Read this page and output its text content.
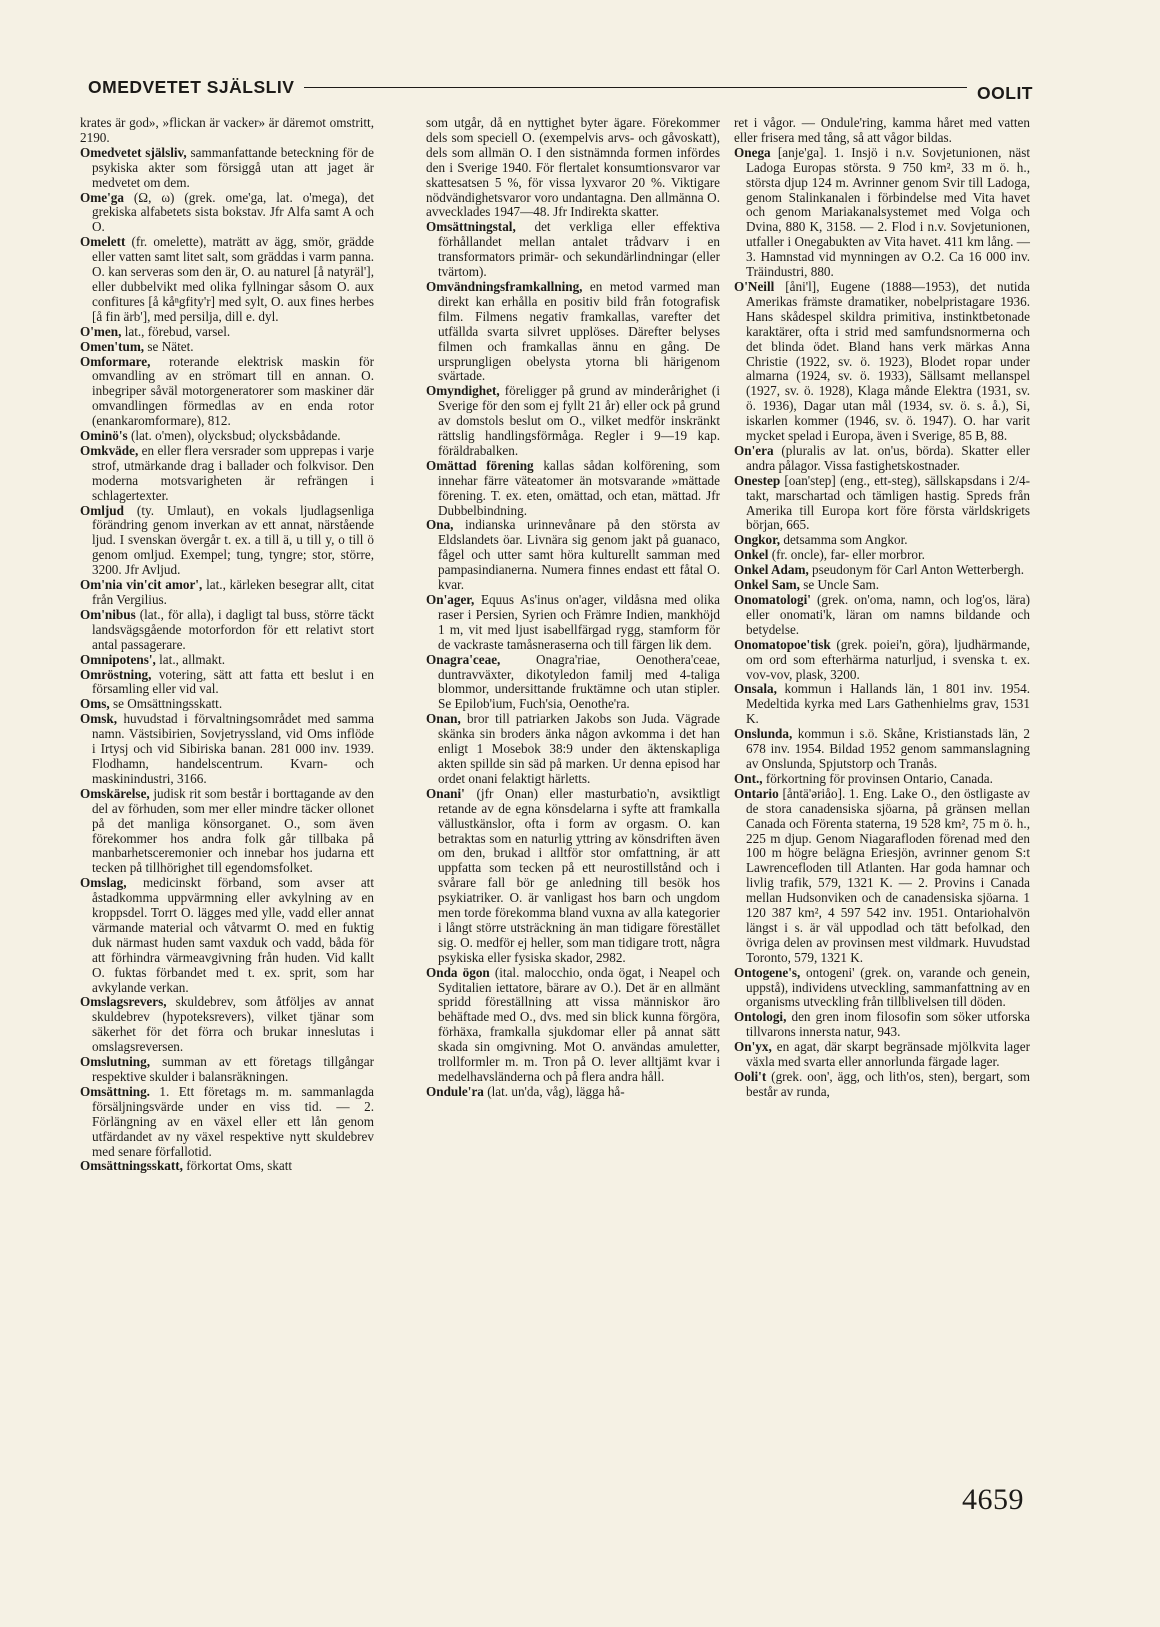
OMEDVETET SJÄLSLIV	OOLIT

krates är god», »flickan är vacker» är däremot omstritt, 2190.

Omedvetet själsliv, sammanfattande beteckning för de psykiska akter som försiggå utan att jaget är medvetet om dem.

Ome'ga (Ω, ω) (grek. ome'ga, lat. o'mega), det grekiska alfabetets sista bokstav. Jfr Alfa samt A och O.

Omelett (fr. omelette), maträtt av ägg, smör, grädde eller vatten samt litet salt, som gräddas i varm panna. O. kan serveras som den är, O. au naturel [å natyräl'], eller dubbelvikt med olika fyllningar såsom O. aux confitures [å kåⁿgfity'r] med sylt, O. aux fines herbes [å fin ärb'], med persilja, dill e. dyl.

O'men, lat., förebud, varsel.

Omen'tum, se Nätet.

Omformare, roterande elektrisk maskin för omvandling av en strömart till en annan. O. inbegriper såväl motorgeneratorer som maskiner där omvandlingen förmedlas av en enda rotor (enankaromformare), 812.

Ominö's (lat. o'men), olycksbud; olycksbådande.

Omkväde, en eller flera versrader som upprepas i varje strof, utmärkande drag i ballader och folkvisor. Den moderna motsvarigheten är refrängen i schlagertexter.

Omljud (ty. Umlaut), en vokals ljudlagsenliga förändring genom inverkan av ett annat, närstående ljud. I svenskan övergår t. ex. a till ä, u till y, o till ö genom omljud. Exempel; tung, tyngre; stor, större, 3200. Jfr Avljud.

Om'nia vin'cit amor', lat., kärleken besegrar allt, citat från Vergilius.

Om'nibus (lat., för alla), i dagligt tal buss, större täckt landsvägsgående motorfordon för ett relativt stort antal passagerare.

Omnipotens', lat., allmakt.

Omröstning, votering, sätt att fatta ett beslut i en församling eller vid val.

Oms, se Omsättningsskatt.

Omsk, huvudstad i förvaltningsområdet med samma namn. Västsibirien, Sovjetryssland, vid Oms inflöde i Irtysj och vid Sibiriska banan. 281 000 inv. 1939. Flodhamn, handelscentrum. Kvarn- och maskinindustri, 3166.

Omskärelse, judisk rit som består i borttagande av den del av förhuden, som mer eller mindre täcker ollonet på det manliga könsorganet. O., som även förekommer hos andra folk går tillbaka på manbarhetsceremonier och innebar hos judarna ett tecken på tillhörighet till egendomsfolket.

Omslag, medicinskt förband, som avser att åstadkomma uppvärmning eller avkylning av en kroppsdel. Torrt O. lägges med ylle, vadd eller annat värmande material och våtvarmt O. med en fuktig duk närmast huden samt vaxduk och vadd, båda för att förhindra värmeavgivning från huden. Vid kallt O. fuktas förbandet med t. ex. sprit, som har avkylande verkan.

Omslagsrevers, skuldebrev, som åtföljes av annat skuldebrev (hypoteksrevers), vilket tjänar som säkerhet för det förra och brukar inneslutas i omslagsreversen.

Omslutning, summan av ett företags tillgångar respektive skulder i balansräkningen.

Omsättning. 1. Ett företags m. m. sammanlagda försäljningsvärde under en viss tid. — 2. Förlängning av en växel eller ett lån genom utfärdandet av ny växel respektive nytt skuldebrev med senare förfallotid.

Omsättningsskatt, förkortat Oms, skatt

som utgår, då en nyttighet byter ägare. Förekommer dels som speciell O. (exempelvis arvs- och gåvoskatt), dels som allmän O. I den sistnämnda formen infördes den i Sverige 1940. För flertalet konsumtionsvaror var skattesatsen 5 %, för vissa lyxvaror 20 %. Viktigare nödvändighetsvaror voro undantagna. Den allmänna O. avvecklades 1947—48. Jfr Indirekta skatter.

Omsättningstal, det verkliga eller effektiva förhållandet mellan antalet trådvarv i en transformators primär- och sekundärlindningar (eller tvärtom).

Omvändningsframkallning, en metod varmed man direkt kan erhålla en positiv bild från fotografisk film. Filmens negativ framkallas, varefter det utfällda svarta silvret upplöses. Därefter belyses filmen och framkallas ännu en gång. De ursprungligen obelysta ytorna bli härigenom svärtade.

Omyndighet, föreligger på grund av minderårighet (i Sverige för den som ej fyllt 21 år) eller ock på grund av domstols beslut om O., vilket medför inskränkt rättslig handlingsförmåga. Regler i 9—19 kap. föräldrabalken.

Omättad förening kallas sådan kolförening, som innehar färre väteatomer än motsvarande »mättade förening. T. ex. eten, omättad, och etan, mättad. Jfr Dubbelbindning.

Ona, indianska urinnevånare på den största av Eldslandets öar. Livnära sig genom jakt på guanaco, fågel och utter samt höra kulturellt samman med pampasindianerna. Numera finnes endast ett fåtal O. kvar.

On'ager, Equus As'inus on'ager, vildåsna med olika raser i Persien, Syrien och Främre Indien, mankhöjd 1 m, vit med ljust isabellfärgad rygg, stamform för de vackraste tamåsneraserna och till färgen lik dem.

Onagra'ceae, Onagra'riae, Oenothera'ceae, duntravväxter, dikotyledon familj med 4-taliga blommor, undersittande fruktämne och utan stipler. Se Epilob'ium, Fuch'sia, Oenothe'ra.

Onan, bror till patriarken Jakobs son Juda. Vägrade skänka sin broders änka någon avkomma i det han enligt 1 Mosebok 38:9 under den äktenskapliga akten spillde sin säd på marken. Ur denna episod har ordet onani felaktigt härletts.

Onani' (jfr Onan) eller masturbatio'n, avsiktligt retande av de egna könsdelarna i syfte att framkalla vällustkänslor, ofta i form av orgasm. O. kan betraktas som en naturlig yttring av könsdriften även om den, brukad i alltför stor omfattning, är att uppfatta som tecken på ett neurostillstånd och i svårare fall bör ge anledning till besök hos psykiatriker. O. är vanligast hos barn och ungdom men torde förekomma bland vuxna av alla kategorier i långt större utsträckning än man tidigare förestället sig. O. medför ej heller, som man tidigare trott, några psykiska eller fysiska skador, 2982.

Onda ögon (ital. malocchio, onda ögat, i Neapel och Syditalien iettatore, bärare av O.). Det är en allmänt spridd föreställning att vissa människor äro behäftade med O., dvs. med sin blick kunna förgöra, förhäxa, framkalla sjukdomar eller på annat sätt skada sin omgivning. Mot O. användas amuletter, trollformler m. m. Tron på O. lever alltjämt kvar i medelhavsländerna och på flera andra håll.

Ondule'ra (lat. un'da, våg), lägga hå-

ret i vågor. — Ondule'ring, kamma håret med vatten eller frisera med tång, så att vågor bildas.

Onega [anje'ga]. 1. Insjö i n.v. Sovjetunionen, näst Ladoga Europas största. 9 750 km², 33 m ö. h., största djup 124 m. Avrinner genom Svir till Ladoga, genom Stalinkanalen i förbindelse med Vita havet och genom Mariakanalsystemet med Volga och Dvina, 880 K, 3158. — 2. Flod i n.v. Sovjetunionen, utfaller i Onegabukten av Vita havet. 411 km lång. — 3. Hamnstad vid mynningen av O.2. Ca 16 000 inv. Träindustri, 880.

O'Neill [åni'l], Eugene (1888—1953), det nutida Amerikas främste dramatiker, nobelpristagare 1936. Hans skådespel skildra primitiva, instinktbetonade karaktärer, ofta i strid med samfundsnormerna och det blinda ödet. Bland hans verk märkas Anna Christie (1922, sv. ö. 1923), Blodet ropar under almarna (1924, sv. ö. 1933), Sällsamt mellanspel (1927, sv. ö. 1928), Klaga månde Elektra (1931, sv. ö. 1936), Dagar utan mål (1934, sv. ö. s. å.), Si, iskarlen kommer (1946, sv. ö. 1947). O. har varit mycket spelad i Europa, även i Sverige, 85 B, 88.

On'era (pluralis av lat. on'us, börda). Skatter eller andra pålagor. Vissa fastighetskostnader.

Onestep [oan'step] (eng., ett-steg), sällskapsdans i 2/4-takt, marschartad och tämligen hastig. Spreds från Amerika till Europa kort före första världskrigets början, 665.

Ongkor, detsamma som Angkor.

Onkel (fr. oncle), far- eller morbror.

Onkel Adam, pseudonym för Carl Anton Wetterbergh.

Onkel Sam, se Uncle Sam.

Onomatologi' (grek. on'oma, namn, och log'os, lära) eller onomati'k, läran om namns bildande och betydelse.

Onomatopoe'tisk (grek. poiei'n, göra), ljudhärmande, om ord som efterhärma naturljud, i svenska t. ex. vov-vov, plask, 3200.

Onsala, kommun i Hallands län, 1 801 inv. 1954. Medeltida kyrka med Lars Gathenhielms grav, 1531 K.

Onslunda, kommun i s.ö. Skåne, Kristianstads län, 2 678 inv. 1954. Bildad 1952 genom sammanslagning av Onslunda, Spjutstorp och Tranås.

Ont., förkortning för provinsen Ontario, Canada.

Ontario [åntä'əriåo]. 1. Eng. Lake O., den östligaste av de stora canadensiska sjöarna, på gränsen mellan Canada och Förenta staterna, 19 528 km², 75 m ö. h., 225 m djup. Genom Niagarafloden förenad med den 100 m högre belägna Eriesjön, avrinner genom S:t Lawrencefloden till Atlanten. Har goda hamnar och livlig trafik, 579, 1321 K. — 2. Provins i Canada mellan Hudsonviken och de canadensiska sjöarna. 1 120 387 km², 4 597 542 inv. 1951. Ontariohalvön längst i s. är väl uppodlad och tätt befolkad, den övriga delen av provinsen mest vildmark. Huvudstad Toronto, 579, 1321 K.

Ontogene's, ontogeni' (grek. on, varande och genein, uppstå), individens utveckling, sammanfattning av en organisms utveckling från tillblivelsen till döden.

Ontologi, den gren inom filosofin som söker utforska tillvarons innersta natur, 943.

On'yx, en agat, där skarpt begränsade mjölkvita lager växla med svarta eller annorlunda färgade lager.

Ooli't (grek. oon', ägg, och lith'os, sten), bergart, som består av runda,

4659
